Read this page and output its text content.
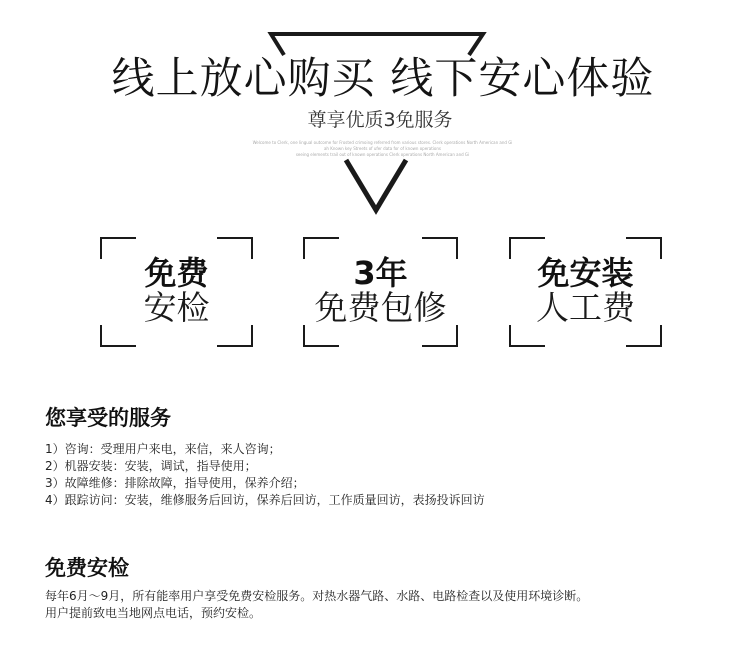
线上放心购买 线下安心体验
尊享优质3免服务
Welcome to Clerk, one lingual outcome for Frosted crimoing referred from various stores. Clerk operations North American and Gi
ah Known key Streets of ufer data for of known operations
seeing elements trail out of known operations Clerk operations North American and Gi
免费
安检
3年
免费包修
免安装
人工费
您享受的服务
1）咨询：受理用户来电，来信，来人咨询；
2）机器安装：安装，调试，指导使用；
3）故障维修：排除故障，指导使用，保养介绍；
4）跟踪访问：安装，维修服务后回访，保养后回访，工作质量回访，表扬投诉回访
免费安检
每年6月～9月，所有能率用户享受免费安检服务。对热水器气路、水路、电路检查以及使用环境诊断。
用户提前致电当地网点电话，预约安检。
